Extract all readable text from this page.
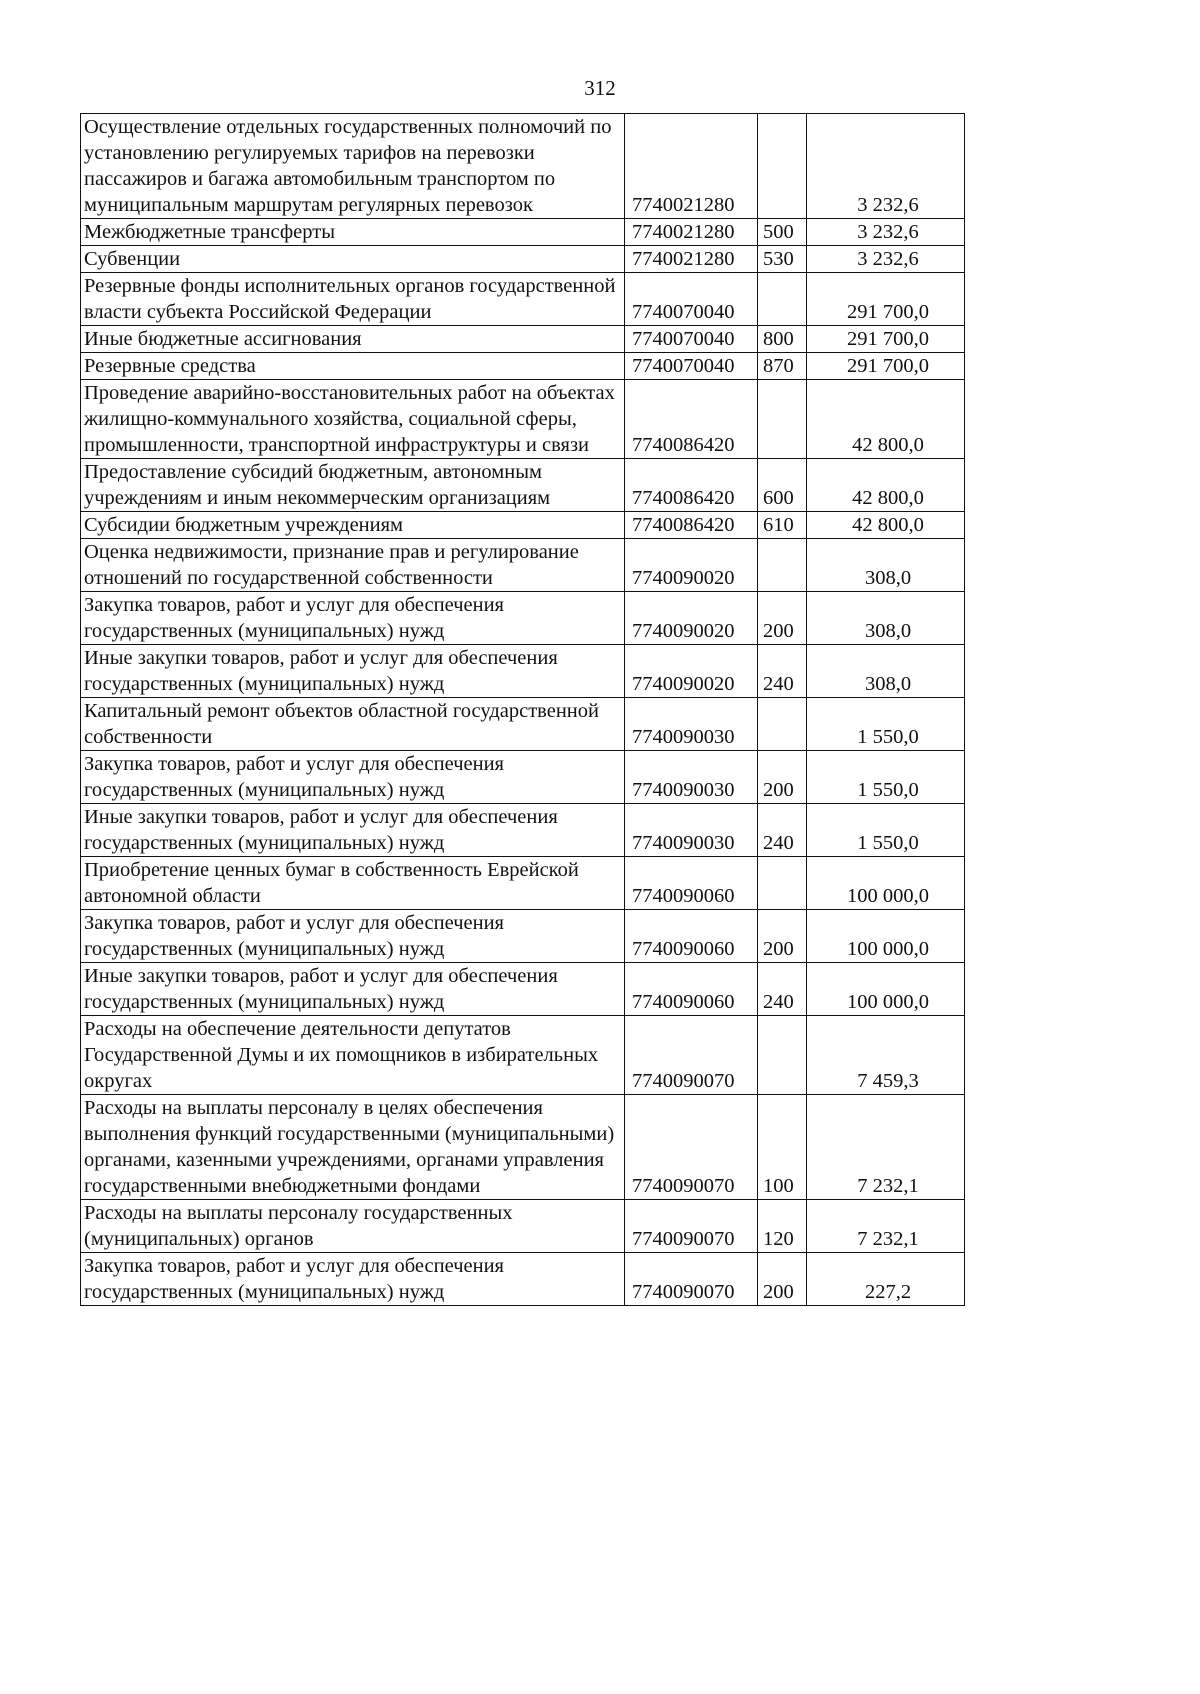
312
Осуществление отдельных государственных полномочий по установлению регулируемых тарифов на перевозки пассажиров и багажа автомобильным транспортом по муниципальным маршрутам регулярных перевозок	7740021280		3 232,6
Межбюджетные трансферты	7740021280	500	3 232,6
Субвенции	7740021280	530	3 232,6
Резервные фонды исполнительных органов государственной власти субъекта Российской Федерации	7740070040		291 700,0
Иные бюджетные ассигнования	7740070040	800	291 700,0
Резервные средства	7740070040	870	291 700,0
Проведение аварийно-восстановительных работ на объектах жилищно-коммунального хозяйства, социальной сферы, промышленности, транспортной инфраструктуры и связи	7740086420		42 800,0
Предоставление субсидий бюджетным, автономным учреждениям и иным некоммерческим организациям	7740086420	600	42 800,0
Субсидии бюджетным учреждениям	7740086420	610	42 800,0
Оценка недвижимости, признание прав и регулирование отношений по государственной собственности	7740090020		308,0
Закупка товаров, работ и услуг для обеспечения государственных (муниципальных) нужд	7740090020	200	308,0
Иные закупки товаров, работ и услуг для обеспечения государственных (муниципальных) нужд	7740090020	240	308,0
Капитальный ремонт объектов областной государственной собственности	7740090030		1 550,0
Закупка товаров, работ и услуг для обеспечения государственных (муниципальных) нужд	7740090030	200	1 550,0
Иные закупки товаров, работ и услуг для обеспечения государственных (муниципальных) нужд	7740090030	240	1 550,0
Приобретение ценных бумаг в собственность Еврейской автономной области	7740090060		100 000,0
Закупка товаров, работ и услуг для обеспечения государственных (муниципальных) нужд	7740090060	200	100 000,0
Иные закупки товаров, работ и услуг для обеспечения государственных (муниципальных) нужд	7740090060	240	100 000,0
Расходы на обеспечение деятельности депутатов Государственной Думы и их помощников в избирательных округах	7740090070		7 459,3
Расходы на выплаты персоналу в целях обеспечения выполнения функций государственными (муниципальными) органами, казенными учреждениями, органами управления государственными внебюджетными фондами	7740090070	100	7 232,1
Расходы на выплаты персоналу государственных (муниципальных) органов	7740090070	120	7 232,1
Закупка товаров, работ и услуг для обеспечения государственных (муниципальных) нужд	7740090070	200	227,2
